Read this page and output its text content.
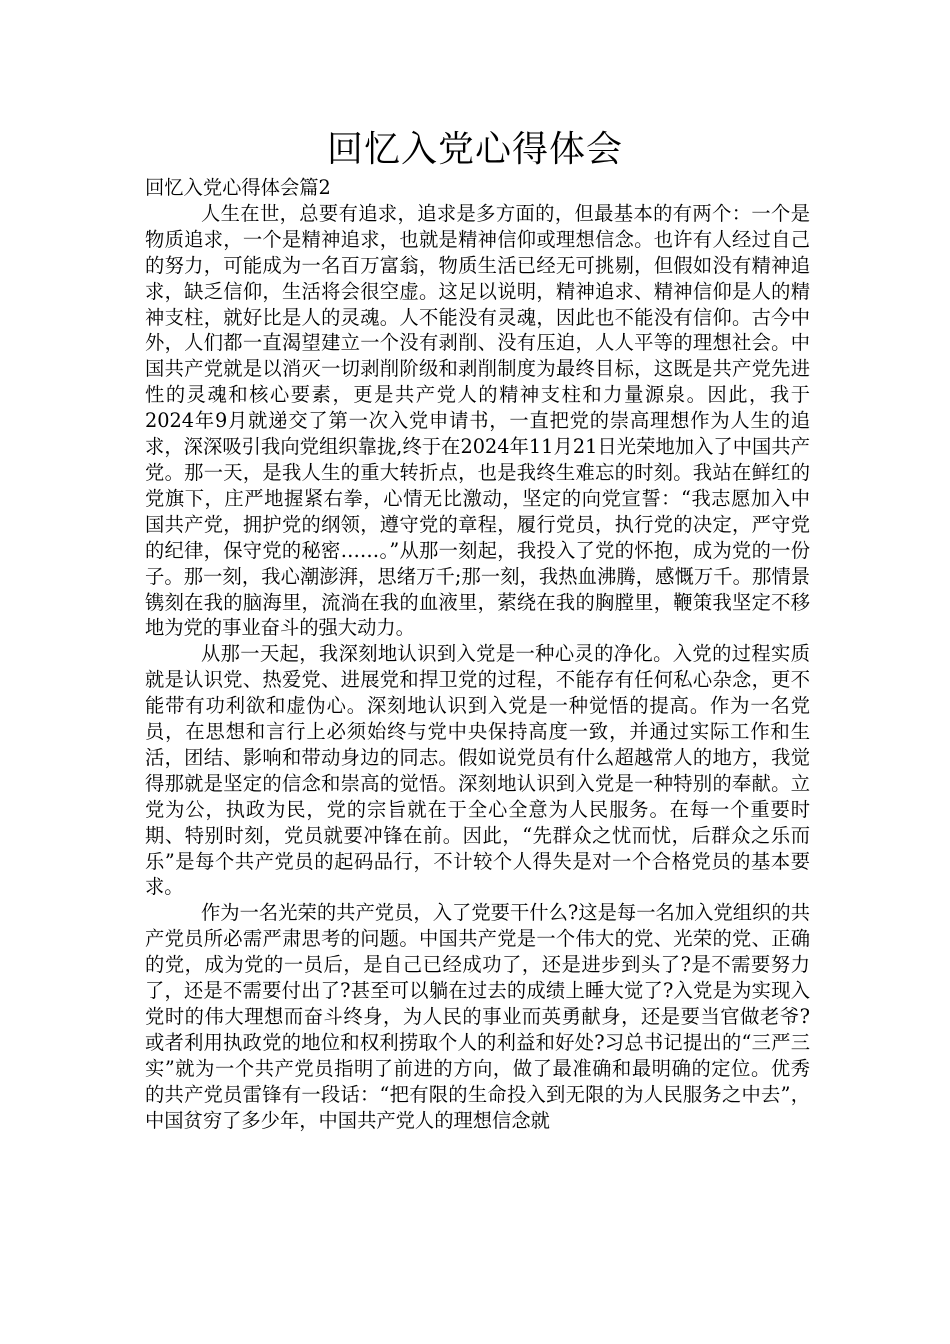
回忆入党心得体会

回忆入党心得体会篇2

人生在世，总要有追求，追求是多方面的，但最基本的有两个：一个是物质追求，一个是精神追求，也就是精神信仰或理想信念。也许有人经过自己的努力，可能成为一名百万富翁，物质生活已经无可挑剔，但假如没有精神追求，缺乏信仰，生活将会很空虚。这足以说明，精神追求、精神信仰是人的精神支柱，就好比是人的灵魂。人不能没有灵魂，因此也不能没有信仰。古今中外，人们都一直渴望建立一个没有剥削、没有压迫，人人平等的理想社会。中国共产党就是以消灭一切剥削阶级和剥削制度为最终目标，这既是共产党先进性的灵魂和核心要素，更是共产党人的精神支柱和力量源泉。因此，我于2024年9月就递交了第一次入党申请书，一直把党的崇高理想作为人生的追求，深深吸引我向党组织靠拢,终于在2024年11月21日光荣地加入了中国共产党。那一天，是我人生的重大转折点，也是我终生难忘的时刻。我站在鲜红的党旗下，庄严地握紧右拳，心情无比激动，坚定的向党宣誓：“我志愿加入中国共产党，拥护党的纲领，遵守党的章程，履行党员，执行党的决定，严守党的纪律，保守党的秘密……。”从那一刻起，我投入了党的怀抱，成为党的一份子。那一刻，我心潮澎湃，思绪万千;那一刻，我热血沸腾，感慨万千。那情景镌刻在我的脑海里，流淌在我的血液里，萦绕在我的胸膛里，鞭策我坚定不移地为党的事业奋斗的强大动力。

从那一天起，我深刻地认识到入党是一种心灵的净化。入党的过程实质就是认识党、热爱党、进展党和捍卫党的过程，不能存有任何私心杂念，更不能带有功利欲和虚伪心。深刻地认识到入党是一种觉悟的提高。作为一名党员，在思想和言行上必须始终与党中央保持高度一致，并通过实际工作和生活，团结、影响和带动身边的同志。假如说党员有什么超越常人的地方，我觉得那就是坚定的信念和崇高的觉悟。深刻地认识到入党是一种特别的奉献。立党为公，执政为民，党的宗旨就在于全心全意为人民服务。在每一个重要时期、特别时刻，党员就要冲锋在前。因此，“先群众之忧而忧，后群众之乐而乐”是每个共产党员的起码品行，不计较个人得失是对一个合格党员的基本要求。

作为一名光荣的共产党员，入了党要干什么?这是每一名加入党组织的共产党员所必需严肃思考的问题。中国共产党是一个伟大的党、光荣的党、正确的党，成为党的一员后，是自己已经成功了，还是进步到头了?是不需要努力了，还是不需要付出了?甚至可以躺在过去的成绩上睡大觉了?入党是为实现入党时的伟大理想而奋斗终身，为人民的事业而英勇献身，还是要当官做老爷?或者利用执政党的地位和权利捞取个人的利益和好处?习总书记提出的“三严三实”就为一个共产党员指明了前进的方向，做了最准确和最明确的定位。优秀的共产党员雷锋有一段话：“把有限的生命投入到无限的为人民服务之中去”，中国贫穷了多少年，中国共产党人的理想信念就
